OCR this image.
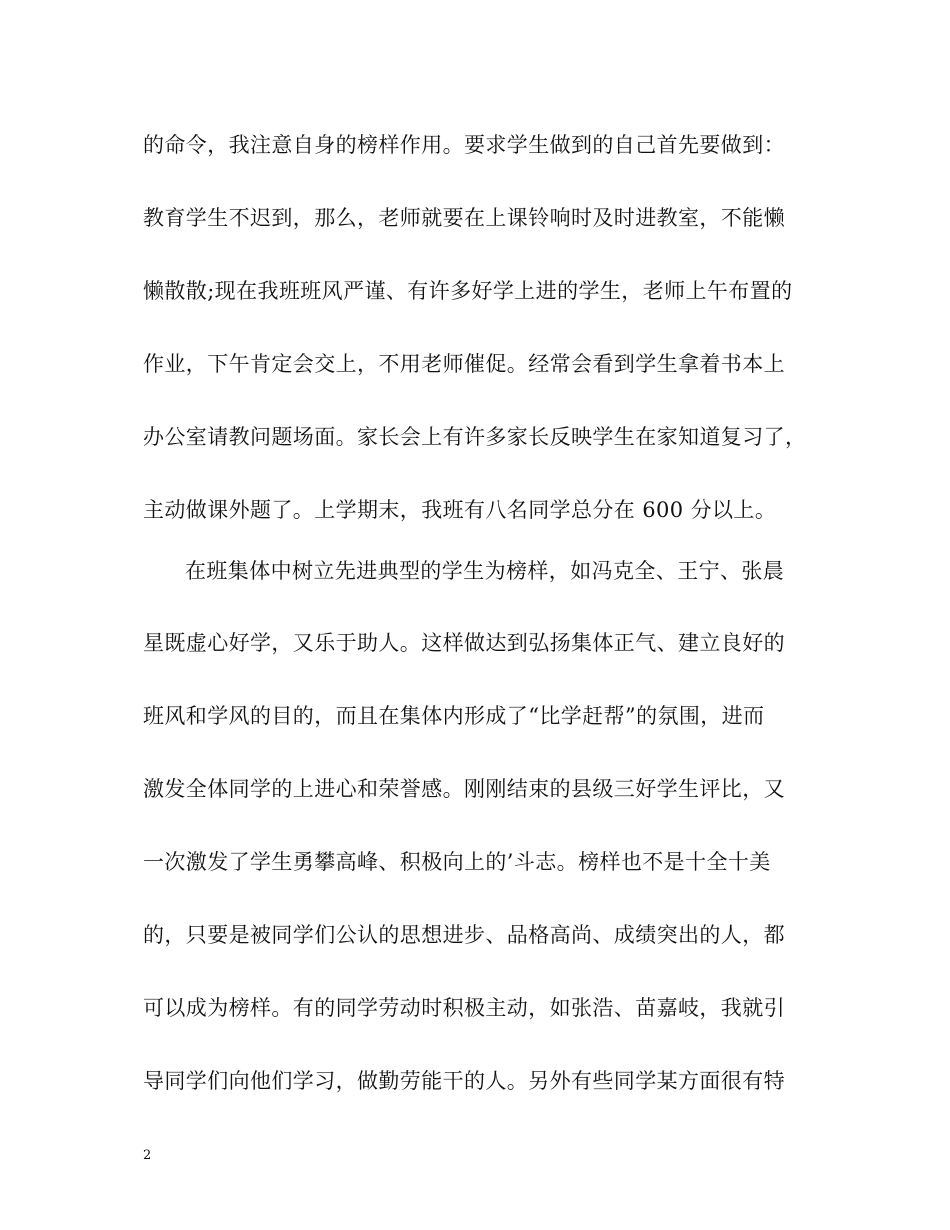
的命令，我注意自身的榜样作用。要求学生做到的自己首先要做到：
教育学生不迟到，那么，老师就要在上课铃响时及时进教室，不能懒
懒散散;现在我班班风严谨、有许多好学上进的学生，老师上午布置的
作业，下午肯定会交上，不用老师催促。经常会看到学生拿着书本上
办公室请教问题场面。家长会上有许多家长反映学生在家知道复习了，
主动做课外题了。上学期末，我班有八名同学总分在 600 分以上。
在班集体中树立先进典型的学生为榜样，如冯克全、王宁、张晨
星既虚心好学，又乐于助人。这样做达到弘扬集体正气、建立良好的
班风和学风的目的，而且在集体内形成了“比学赶帮”的氛围，进而
激发全体同学的上进心和荣誉感。刚刚结束的县级三好学生评比，又
一次激发了学生勇攀高峰、积极向上的’斗志。榜样也不是十全十美
的，只要是被同学们公认的思想进步、品格高尚、成绩突出的人，都
可以成为榜样。有的同学劳动时积极主动，如张浩、苗嘉岐，我就引
导同学们向他们学习，做勤劳能干的人。另外有些同学某方面很有特
2
